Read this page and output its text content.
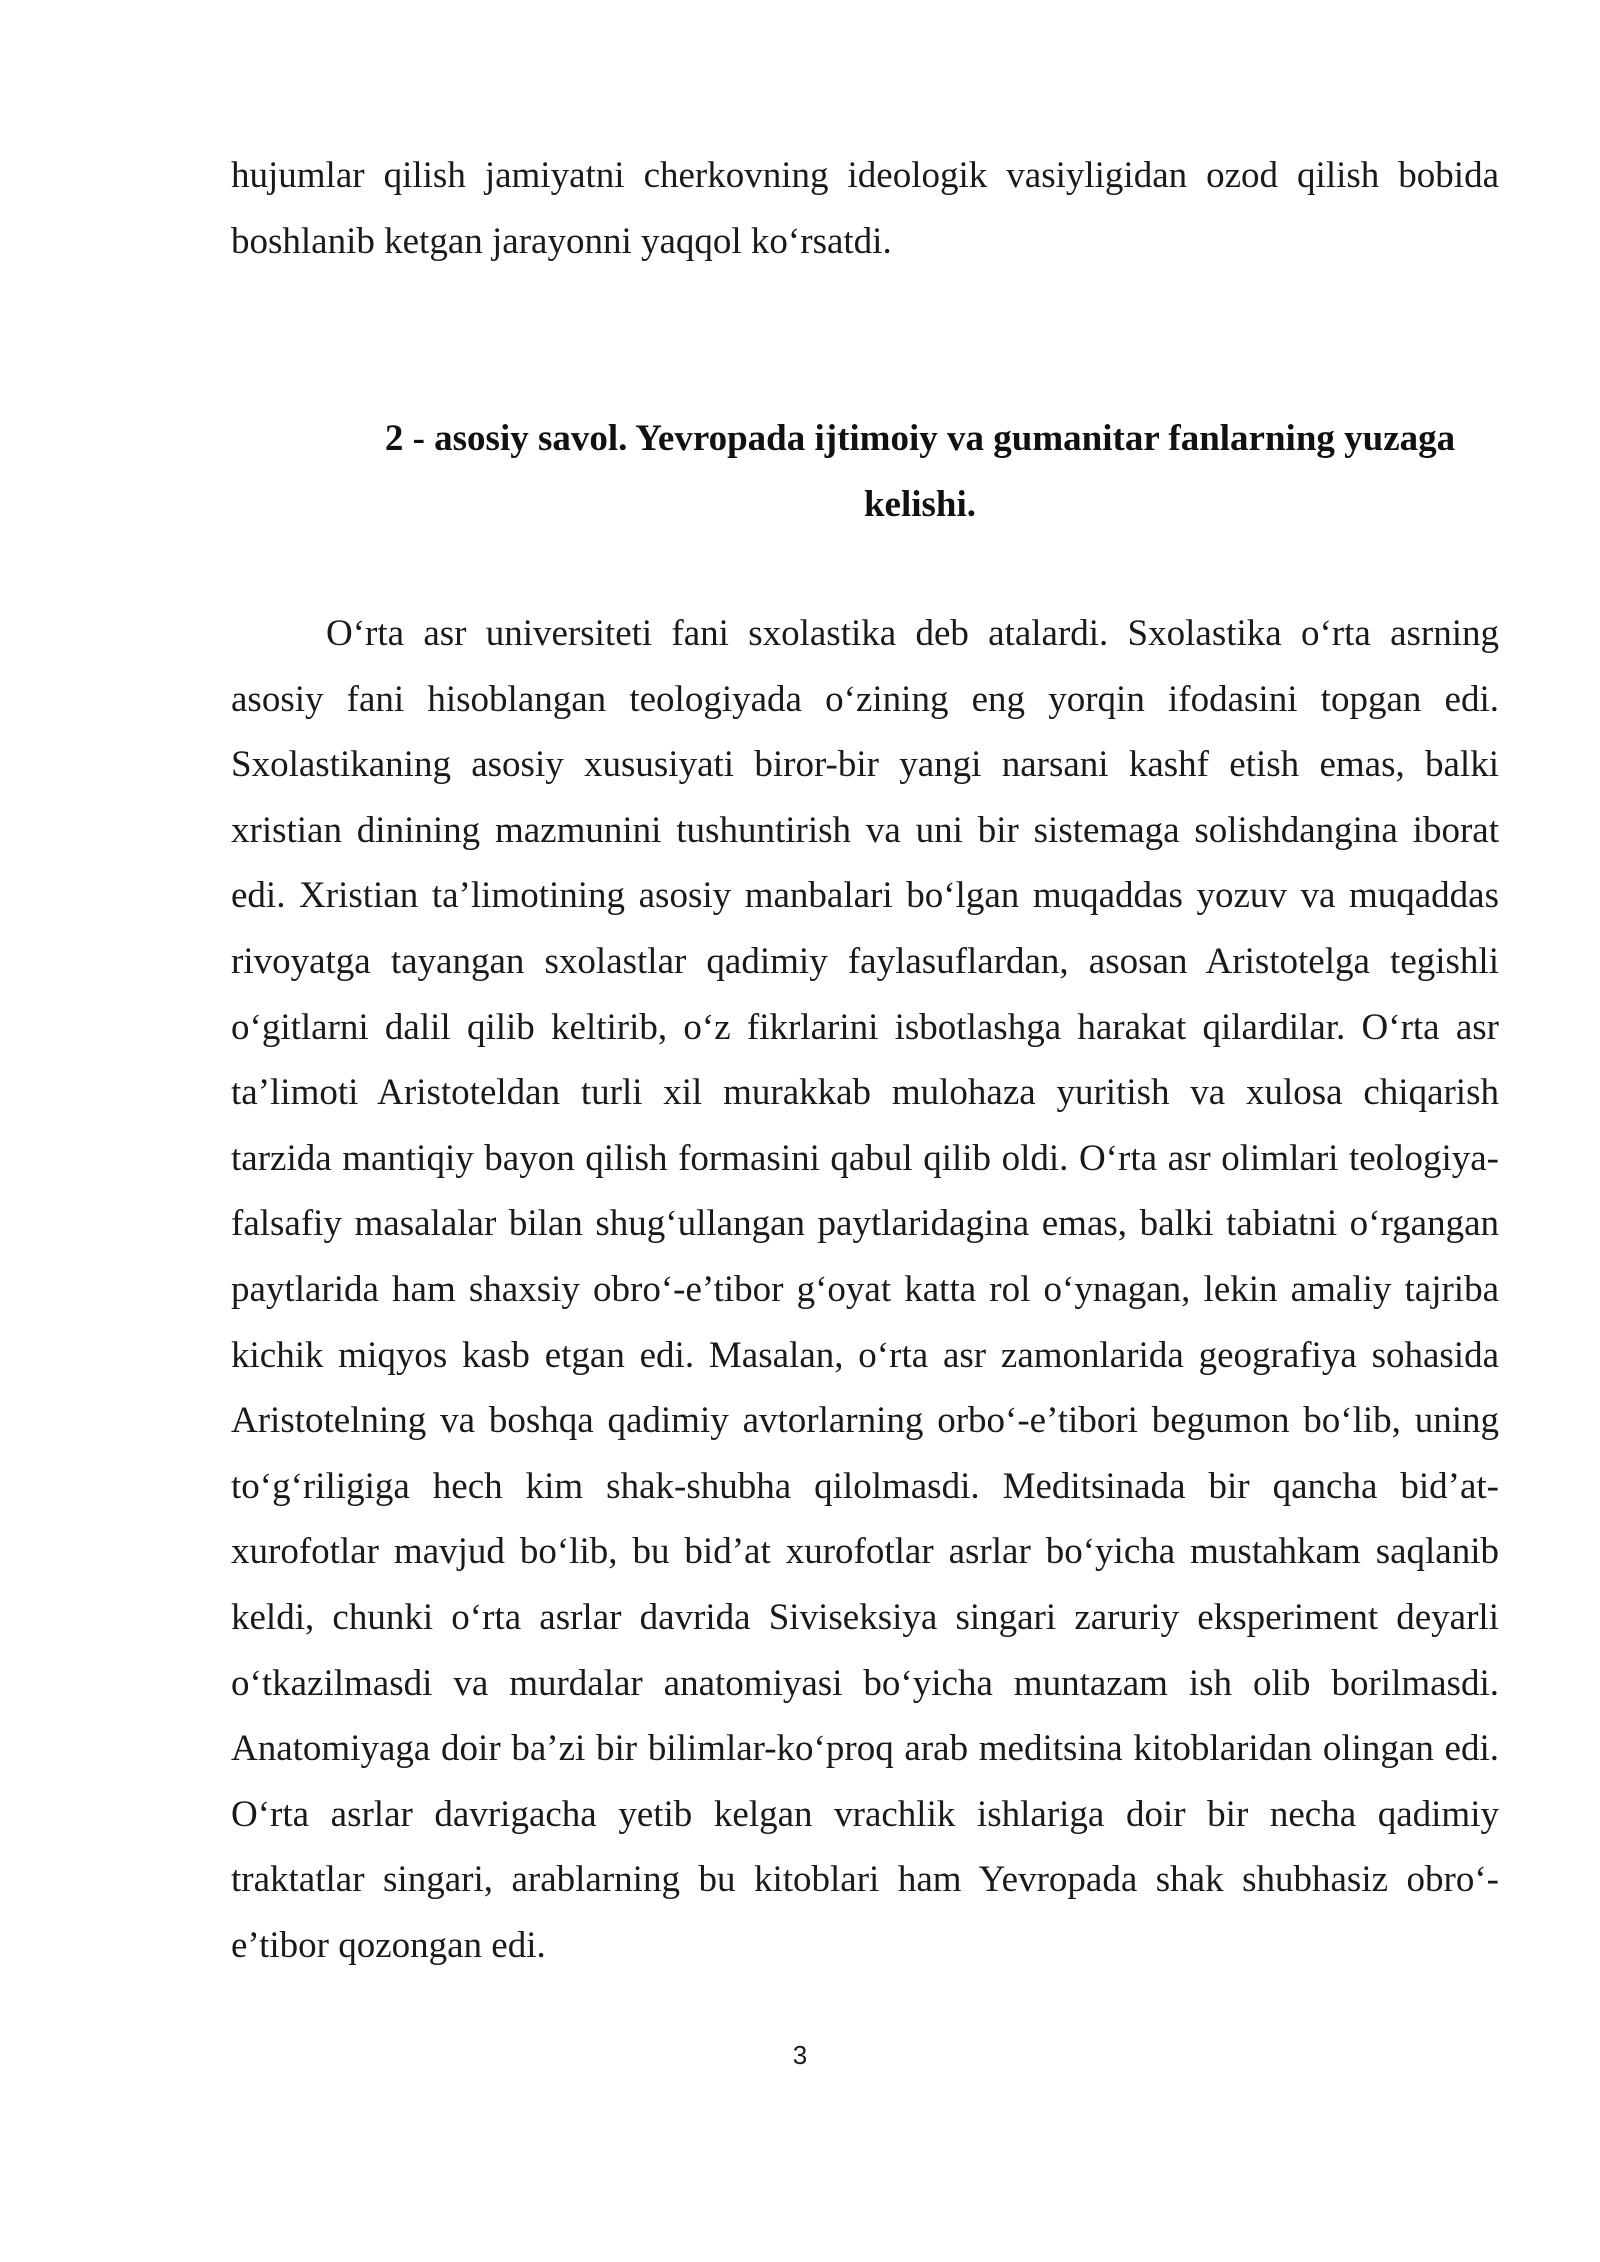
hujumlar qilish jamiyatni cherkovning ideologik vasiyligidan ozod qilish bobida boshlanib ketgan jarayonni yaqqol ko‘rsatdi.

2 - asosiy savol. Yevropada ijtimoiy va gumanitar fanlarning yuzaga
kelishi.

O‘rta asr universiteti fani sxolastika deb atalardi. Sxolastika o‘rta asrning asosiy fani hisoblangan teologiyada o‘zining eng yorqin ifodasini topgan edi. Sxolastikaning asosiy xususiyati biror-bir yangi narsani kashf etish emas, balki xristian dinining mazmunini tushuntirish va uni bir sistemaga solishdangina iborat edi. Xristian ta’limotining asosiy manbalari bo‘lgan muqaddas yozuv va muqaddas rivoyatga tayangan sxolastlar qadimiy faylasuflardan, asosan Aristotelga tegishli o‘gitlarni dalil qilib keltirib, o‘z fikrlarini isbotlashga harakat qilardilar. O‘rta asr ta’limoti Aristoteldan turli xil murakkab mulohaza yuritish va xulosa chiqarish tarzida mantiqiy bayon qilish formasini qabul qilib oldi. O‘rta asr olimlari teologiya-falsafiy masalalar bilan shug‘ullangan paytlaridagina emas, balki tabiatni o‘rgangan paytlarida ham shaxsiy obro‘-e’tibor g‘oyat katta rol o‘ynagan, lekin amaliy tajriba kichik miqyos kasb etgan edi. Masalan, o‘rta asr zamonlarida geografiya sohasida Aristotelning va boshqa qadimiy avtorlarning orbo‘-e’tibori begumon bo‘lib, uning to‘g‘riligiga hech kim shak-shubha qilolmasdi. Meditsinada bir qancha bid’at-xurofotlar mavjud bo‘lib, bu bid’at xurofotlar asrlar bo‘yicha mustahkam saqlanib keldi, chunki o‘rta asrlar davrida Siviseksiya singari zaruriy eksperiment deyarli o‘tkazilmasdi va murdalar anatomiyasi bo‘yicha muntazam ish olib borilmasdi. Anatomiyaga doir ba’zi bir bilimlar-ko‘proq arab meditsina kitoblaridan olingan edi. O‘rta asrlar davrigacha yetib kelgan vrachlik ishlariga doir bir necha qadimiy traktatlar singari, arablarning bu kitoblari ham Yevropada shak shubhasiz obro‘-e’tibor qozongan edi.

3
